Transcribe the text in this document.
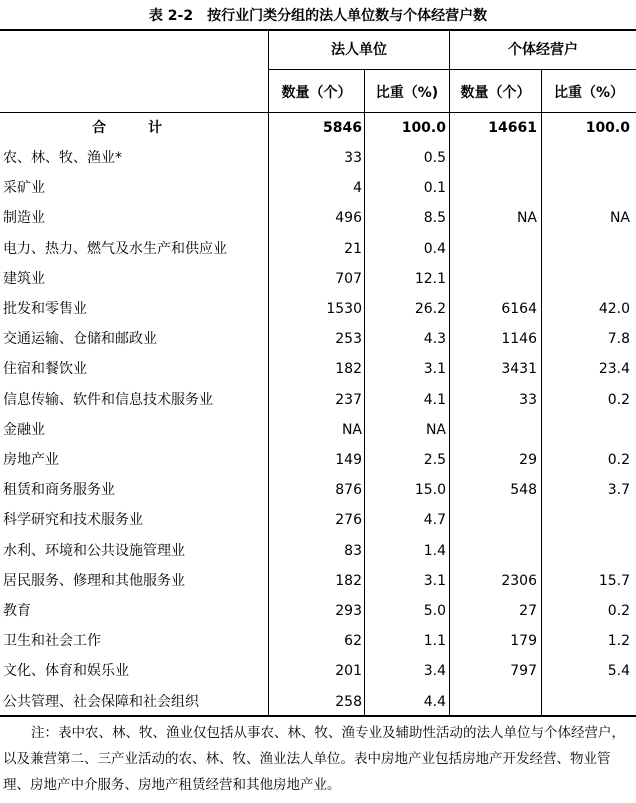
表 2-2　按行业门类分组的法人单位数与个体经营户数
法人单位	个体经营户
数量（个）	比重（%)	数量（个）	比重（%）
合　计	5846	100.0	14661	100.0
农、林、牧、渔业*	33	0.5
采矿业	4	0.1
制造业	496	8.5	NA	NA
电力、热力、燃气及水生产和供应业	21	0.4
建筑业	707	12.1
批发和零售业	1530	26.2	6164	42.0
交通运输、仓储和邮政业	253	4.3	1146	7.8
住宿和餐饮业	182	3.1	3431	23.4
信息传输、软件和信息技术服务业	237	4.1	33	0.2
金融业	NA	NA
房地产业	149	2.5	29	0.2
租赁和商务服务业	876	15.0	548	3.7
科学研究和技术服务业	276	4.7
水利、环境和公共设施管理业	83	1.4
居民服务、修理和其他服务业	182	3.1	2306	15.7
教育	293	5.0	27	0.2
卫生和社会工作	62	1.1	179	1.2
文化、体育和娱乐业	201	3.4	797	5.4
公共管理、社会保障和社会组织	258	4.4
注：表中农、林、牧、渔业仅包括从事农、林、牧、渔专业及辅助性活动的法人单位与个体经营户，以及兼营第二、三产业活动的农、林、牧、渔业法人单位。表中房地产业包括房地产开发经营、物业管理、房地产中介服务、房地产租赁经营和其他房地产业。
